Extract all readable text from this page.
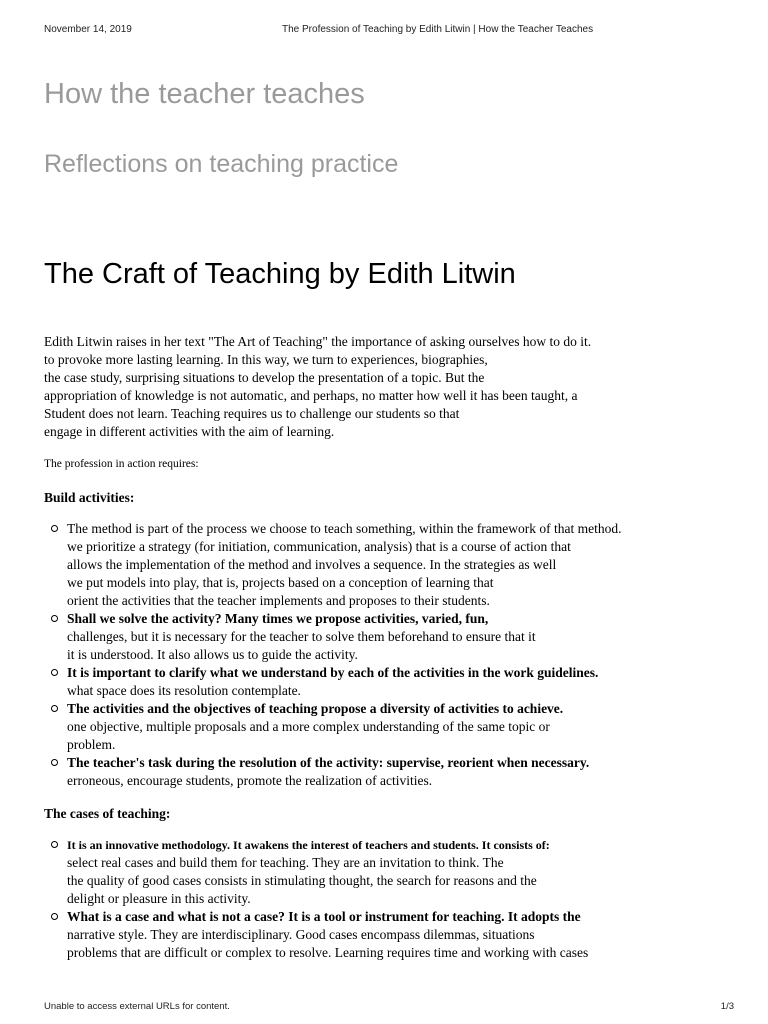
November 14, 2019	The Profession of Teaching by Edith Litwin | How the Teacher Teaches
How the teacher teaches
Reflections on teaching practice
The Craft of Teaching by Edith Litwin
Edith Litwin raises in her text "The Art of Teaching" the importance of asking ourselves how to do it.
to provoke more lasting learning. In this way, we turn to experiences, biographies,
the case study, surprising situations to develop the presentation of a topic. But the
appropriation of knowledge is not automatic, and perhaps, no matter how well it has been taught, a
Student does not learn. Teaching requires us to challenge our students so that
engage in different activities with the aim of learning.
The profession in action requires:
Build activities:
The method is part of the process we choose to teach something, within the framework of that method.
we prioritize a strategy (for initiation, communication, analysis) that is a course of action that
allows the implementation of the method and involves a sequence. In the strategies as well
we put models into play, that is, projects based on a conception of learning that
orient the activities that the teacher implements and proposes to their students.
Shall we solve the activity? Many times we propose activities, varied, fun,
challenges, but it is necessary for the teacher to solve them beforehand to ensure that it
it is understood. It also allows us to guide the activity.
It is important to clarify what we understand by each of the activities in the work guidelines.
what space does its resolution contemplate.
The activities and the objectives of teaching propose a diversity of activities to achieve.
one objective, multiple proposals and a more complex understanding of the same topic or
problem.
The teacher's task during the resolution of the activity: supervise, reorient when necessary.
erroneous, encourage students, promote the realization of activities.
The cases of teaching:
It is an innovative methodology. It awakens the interest of teachers and students. It consists of:
select real cases and build them for teaching. They are an invitation to think. The
the quality of good cases consists in stimulating thought, the search for reasons and the
delight or pleasure in this activity.
What is a case and what is not a case? It is a tool or instrument for teaching. It adopts the
narrative style. They are interdisciplinary. Good cases encompass dilemmas, situations
problems that are difficult or complex to resolve. Learning requires time and working with cases
Unable to access external URLs for content.	1/3
